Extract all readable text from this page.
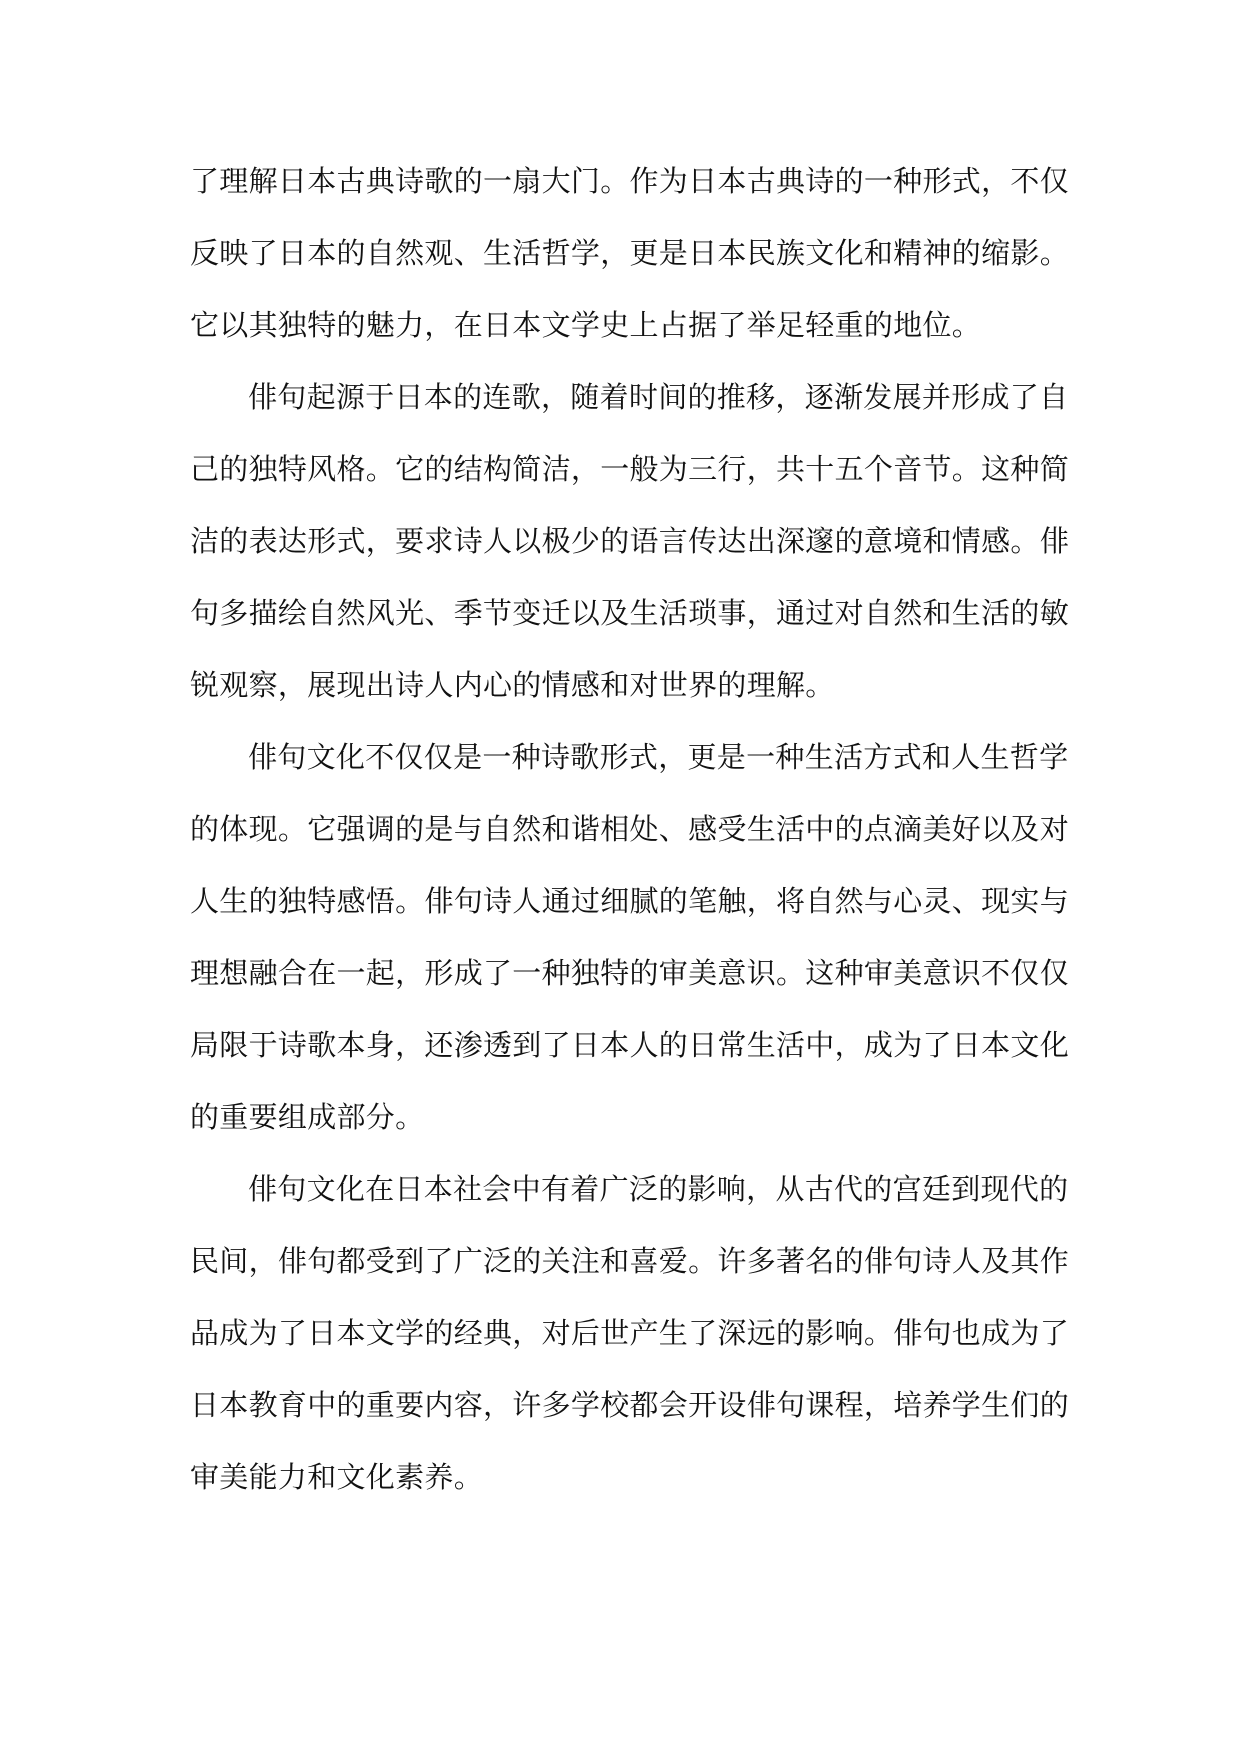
了理解日本古典诗歌的一扇大门。作为日本古典诗的一种形式，不仅
反映了日本的自然观、生活哲学，更是日本民族文化和精神的缩影。
它以其独特的魅力，在日本文学史上占据了举足轻重的地位。
俳句起源于日本的连歌，随着时间的推移，逐渐发展并形成了自
己的独特风格。它的结构简洁，一般为三行，共十五个音节。这种简
洁的表达形式，要求诗人以极少的语言传达出深邃的意境和情感。俳
句多描绘自然风光、季节变迁以及生活琐事，通过对自然和生活的敏
锐观察，展现出诗人内心的情感和对世界的理解。
俳句文化不仅仅是一种诗歌形式，更是一种生活方式和人生哲学
的体现。它强调的是与自然和谐相处、感受生活中的点滴美好以及对
人生的独特感悟。俳句诗人通过细腻的笔触，将自然与心灵、现实与
理想融合在一起，形成了一种独特的审美意识。这种审美意识不仅仅
局限于诗歌本身，还渗透到了日本人的日常生活中，成为了日本文化
的重要组成部分。
俳句文化在日本社会中有着广泛的影响，从古代的宫廷到现代的
民间，俳句都受到了广泛的关注和喜爱。许多著名的俳句诗人及其作
品成为了日本文学的经典，对后世产生了深远的影响。俳句也成为了
日本教育中的重要内容，许多学校都会开设俳句课程，培养学生们的
审美能力和文化素养。
